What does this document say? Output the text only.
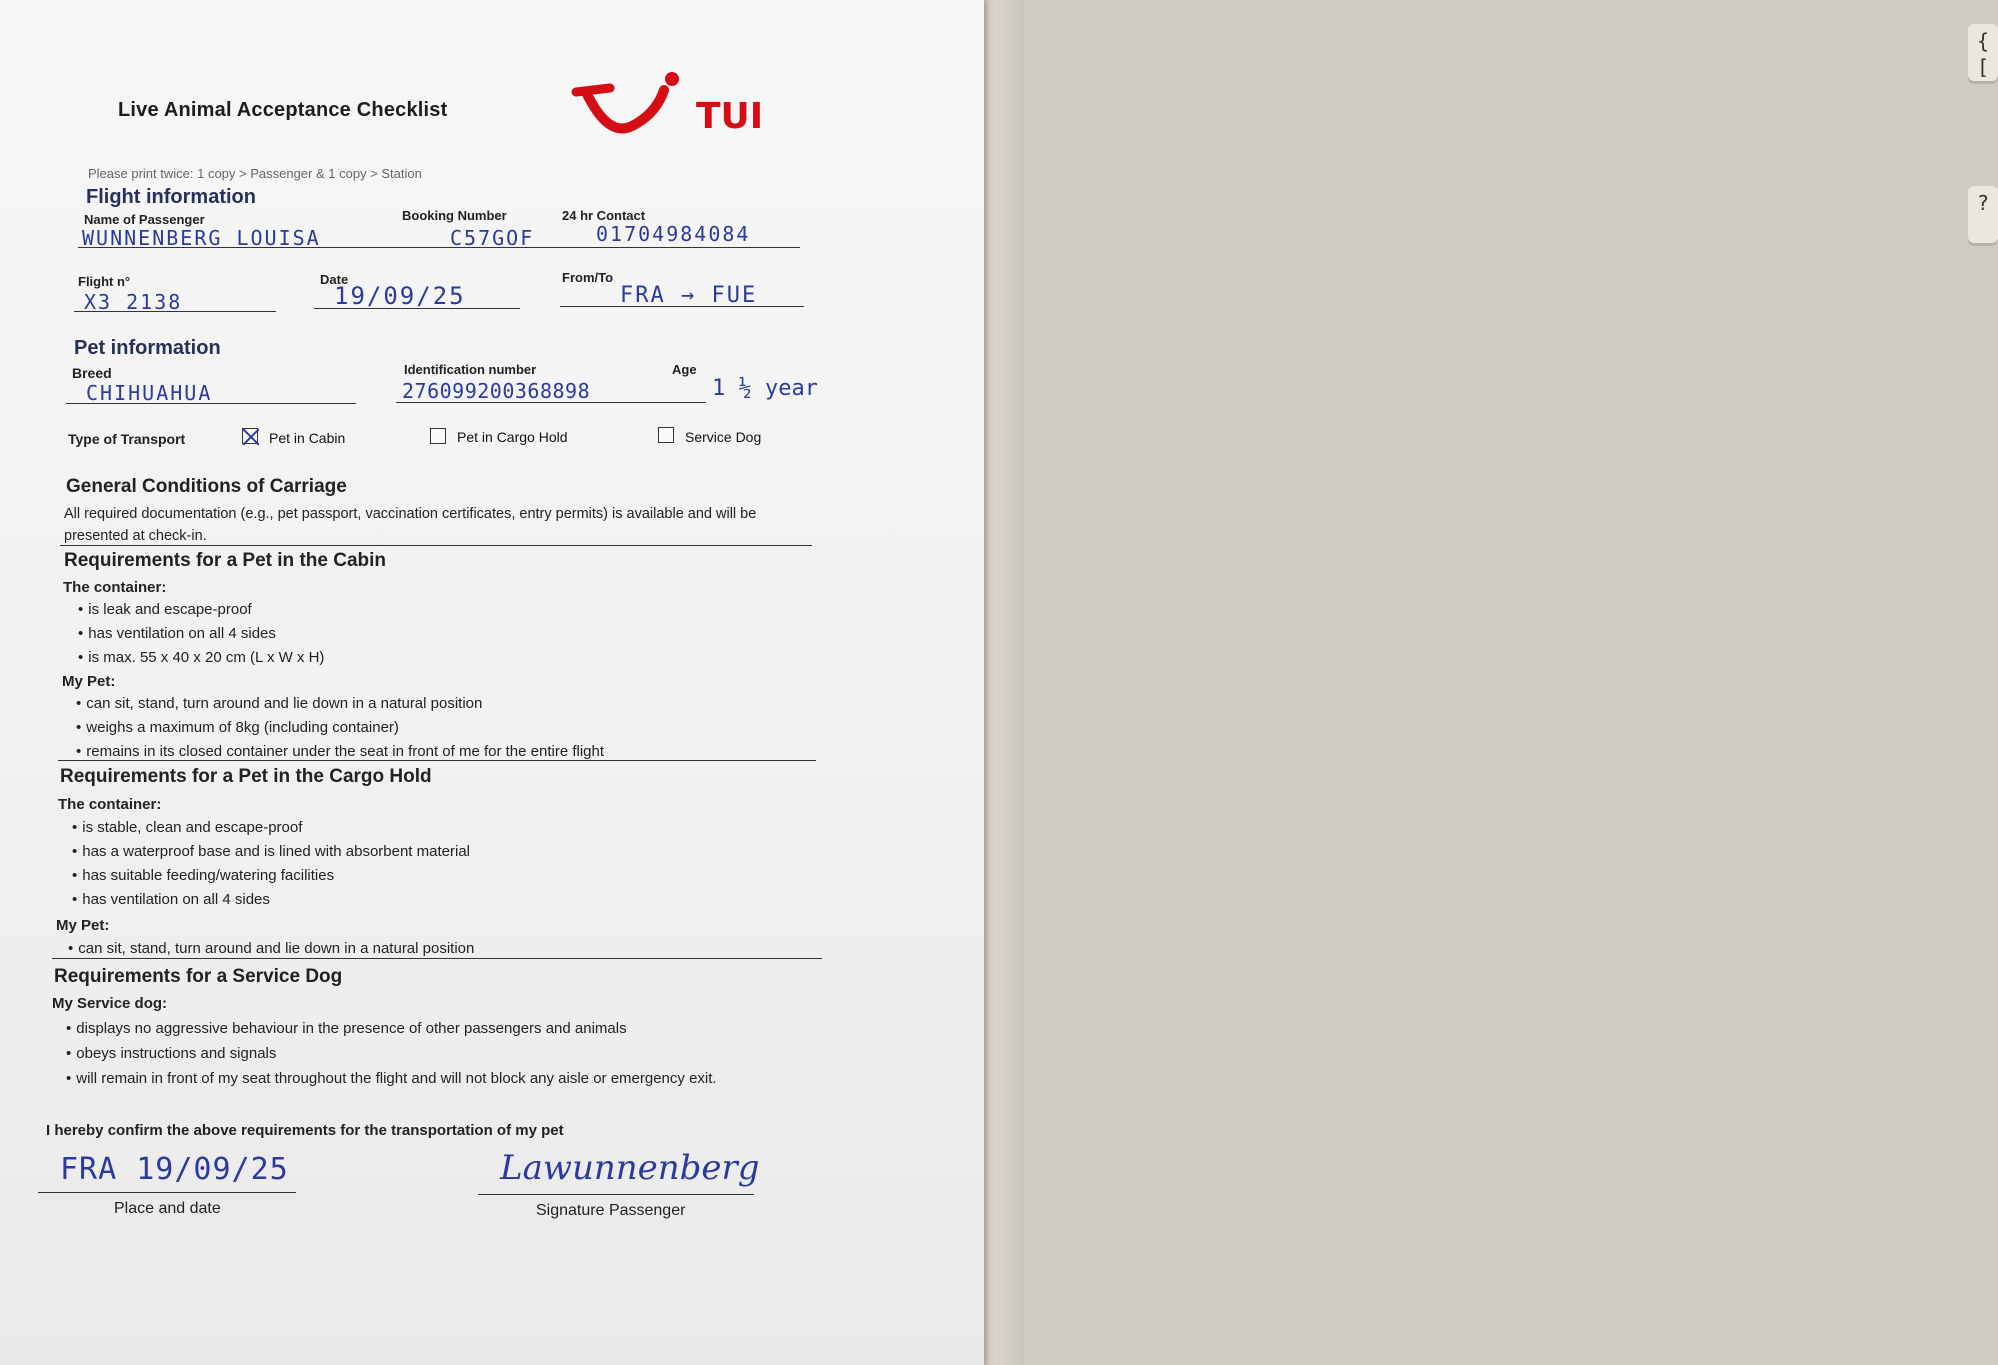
{ [
?
Live Animal Acceptance Checklist	TUI
Please print twice: 1 copy > Passenger & 1 copy > Station
Flight information
Name of Passenger
WUNNENBERG LOUISA
Booking Number
C57GOF
24 hr Contact
01704984084
Flight n°
X3 2138
Date
19/09/25
From/To
FRA → FUE
Pet information
Breed
CHIHUAHUA
Identification number
276099200368898
Age
1 ½ year
Type of Transport	Pet in Cabin	Pet in Cargo Hold	Service Dog
General Conditions of Carriage
All required documentation (e.g., pet passport, vaccination certificates, entry permits) is available and will be
presented at check-in.
Requirements for a Pet in the Cabin
The container:
• is leak and escape-proof
• has ventilation on all 4 sides
• is max. 55 x 40 x 20 cm (L x W x H)
My Pet:
• can sit, stand, turn around and lie down in a natural position
• weighs a maximum of 8kg (including container)
• remains in its closed container under the seat in front of me for the entire flight
Requirements for a Pet in the Cargo Hold
The container:
• is stable, clean and escape-proof
• has a waterproof base and is lined with absorbent material
• has suitable feeding/watering facilities
• has ventilation on all 4 sides
My Pet:
• can sit, stand, turn around and lie down in a natural position
Requirements for a Service Dog
My Service dog:
• displays no aggressive behaviour in the presence of other passengers and animals
• obeys instructions and signals
• will remain in front of my seat throughout the flight and will not block any aisle or emergency exit.
I hereby confirm the above requirements for the transportation of my pet
FRA 19/09/25
Place and date
Lawunnenberg
Signature Passenger
